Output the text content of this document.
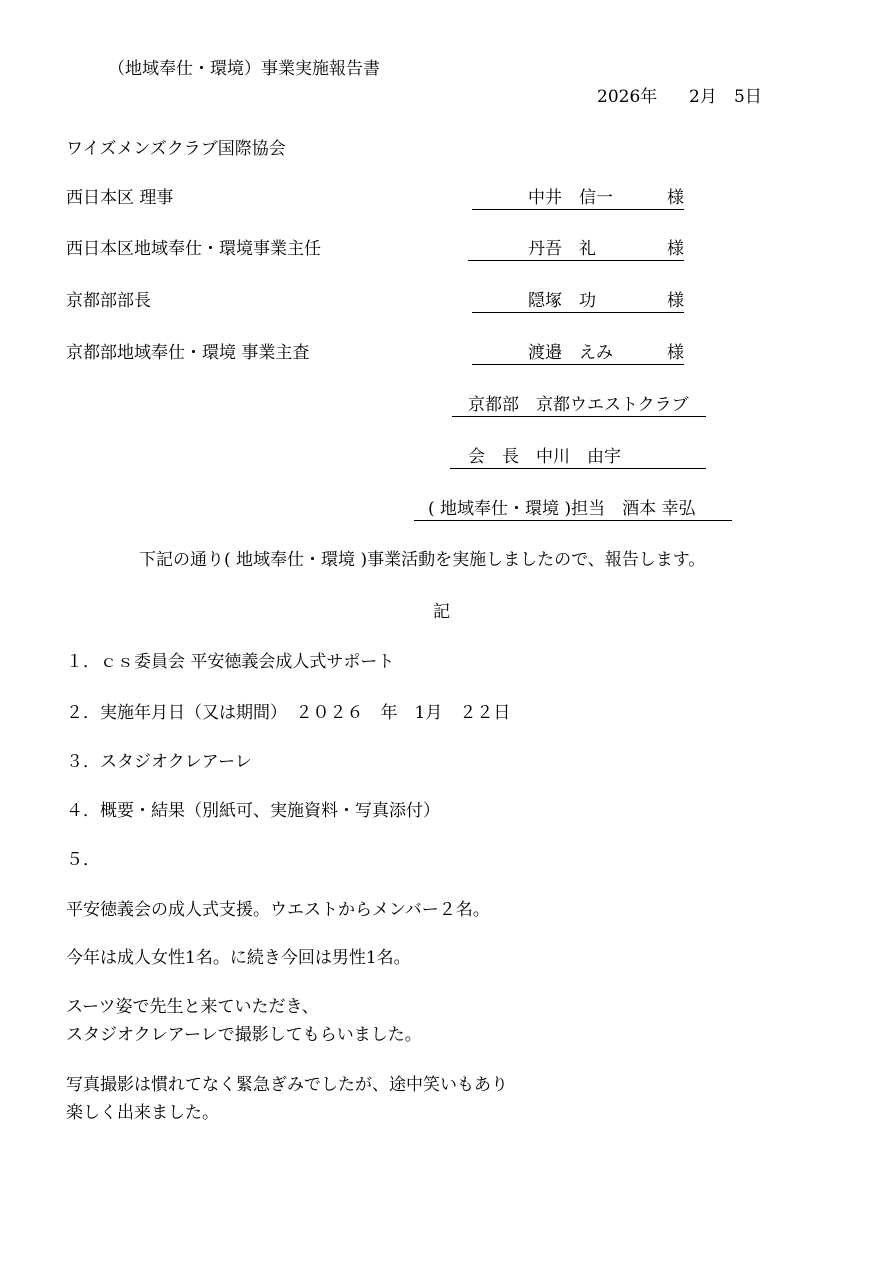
（地域奉仕・環境）事業実施報告書
2026年 2月 5日
ワイズメンズクラブ国際協会
西日本区 理事	中井　信一	様
西日本区地域奉仕・環境事業主任	丹吾　礼	様
京都部部長	隠塚　功	様
京都部地域奉仕・環境 事業主査	渡邉　えみ	様
京都部　京都ウエストクラブ
会　長　中川　由宇
( 地域奉仕・環境 )担当　酒本 幸弘
下記の通り( 地域奉仕・環境 )事業活動を実施しましたので、報告します。
記
１．ｃｓ委員会 平安徳義会成人式サポート
２．実施年月日（又は期間）　２０２６　年　1月　２２日
３．スタジオクレアーレ
４．概要・結果（別紙可、実施資料・写真添付）
５．
平安徳義会の成人式支援。ウエストからメンバー２名。
今年は成人女性1名。に続き今回は男性1名。
スーツ姿で先生と来ていただき、
スタジオクレアーレで撮影してもらいました。
写真撮影は慣れてなく緊急ぎみでしたが、途中笑いもあり
楽しく出来ました。
